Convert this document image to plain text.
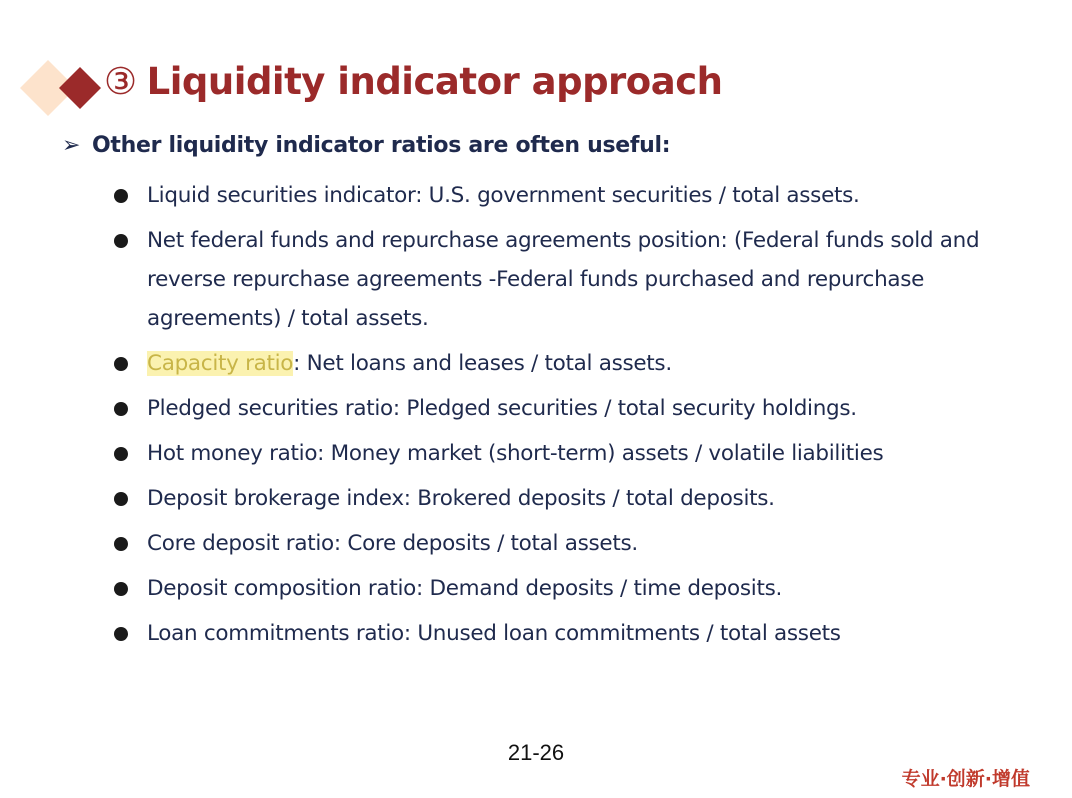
③ Liquidity indicator approach
➢ Other liquidity indicator ratios are often useful:
Liquid securities indicator: U.S. government securities / total assets.
Net federal funds and repurchase agreements position: (Federal funds sold and reverse repurchase agreements -Federal funds purchased and repurchase agreements) / total assets.
Capacity ratio: Net loans and leases / total assets.
Pledged securities ratio: Pledged securities / total security holdings.
Hot money ratio: Money market (short-term) assets / volatile liabilities
Deposit brokerage index: Brokered deposits / total deposits.
Core deposit ratio: Core deposits / total assets.
Deposit composition ratio: Demand deposits / time deposits.
Loan commitments ratio: Unused loan commitments / total assets
21-26
专业·创新·增值
